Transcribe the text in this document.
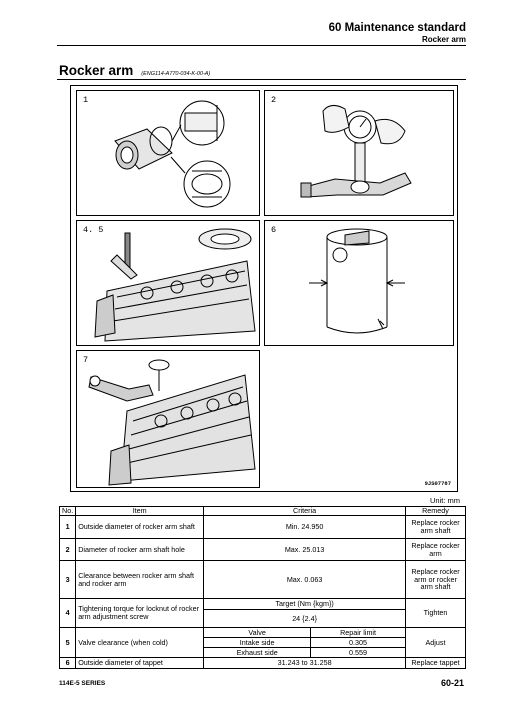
60 Maintenance standard
Rocker arm
Rocker arm (ENG114-A770-034-K-00-A)
1	2
4. 5	6
7
9JS07787
Unit: mm
No.	Item	Criteria		Remedy
1	Outside diameter of rocker arm shaft	Min. 24.950		Replace rocker arm shaft
2	Diameter of rocker arm shaft hole	Max. 25.013		Replace rocker arm
3	Clearance between rocker arm shaft and rocker arm	Max. 0.063		Replace rocker arm or rocker arm shaft
4	Tightening torque for locknut of rocker arm adjustment screw	Target (Nm {kgm})		Tighten
		24 {2.4}		
5	Valve clearance (when cold)	Valve	Repair limit	Adjust
		Intake side	0.305	
		Exhaust side	0.559	
6	Outside diameter of tappet	31.243 to 31.258		Replace tappet
114E-5 SERIES	60-21
